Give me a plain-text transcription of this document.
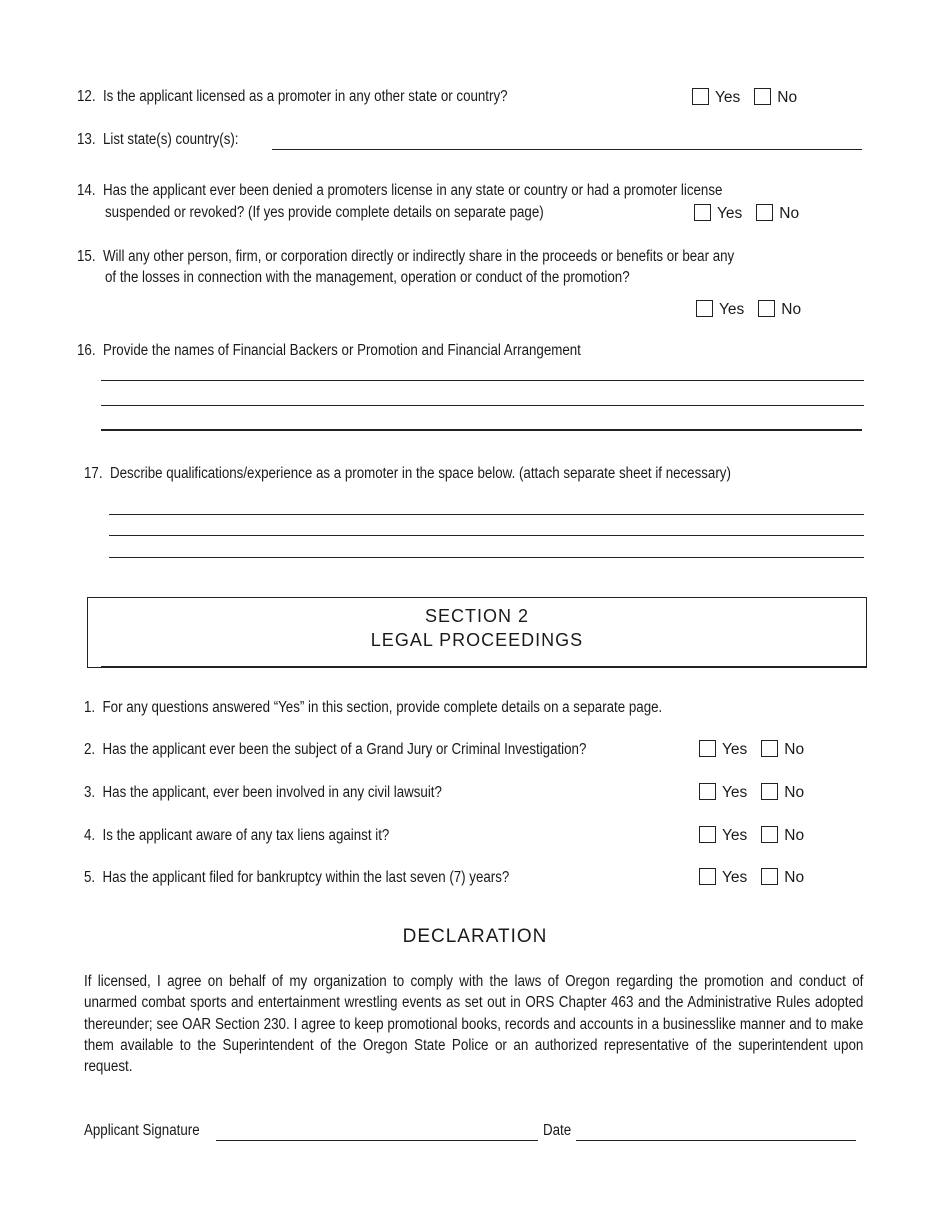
12. Is the applicant licensed as a promoter in any other state or country?	Yes No
13. List state(s) country(s):
14. Has the applicant ever been denied a promoters license in any state or country or had a promoter license
suspended or revoked? (If yes provide complete details on separate page)	Yes No
15. Will any other person, firm, or corporation directly or indirectly share in the proceeds or benefits or bear any
of the losses in connection with the management, operation or conduct of the promotion?
Yes No
16. Provide the names of Financial Backers or Promotion and Financial Arrangement
17. Describe qualifications/experience as a promoter in the space below. (attach separate sheet if necessary)
SECTION 2
LEGAL PROCEEDINGS
1. For any questions answered “Yes” in this section, provide complete details on a separate page.
2. Has the applicant ever been the subject of a Grand Jury or Criminal Investigation?	Yes No
3. Has the applicant, ever been involved in any civil lawsuit?	Yes No
4. Is the applicant aware of any tax liens against it?	Yes No
5. Has the applicant filed for bankruptcy within the last seven (7) years?	Yes No
DECLARATION
If licensed, I agree on behalf of my organization to comply with the laws of Oregon regarding the promotion and conduct of unarmed combat sports and entertainment wrestling events as set out in ORS Chapter 463 and the Administrative Rules adopted thereunder; see OAR Section 230. I agree to keep promotional books, records and accounts in a businesslike manner and to make them available to the Superintendent of the Oregon State Police or an authorized representative of the superintendent upon request.
Applicant Signature	Date
